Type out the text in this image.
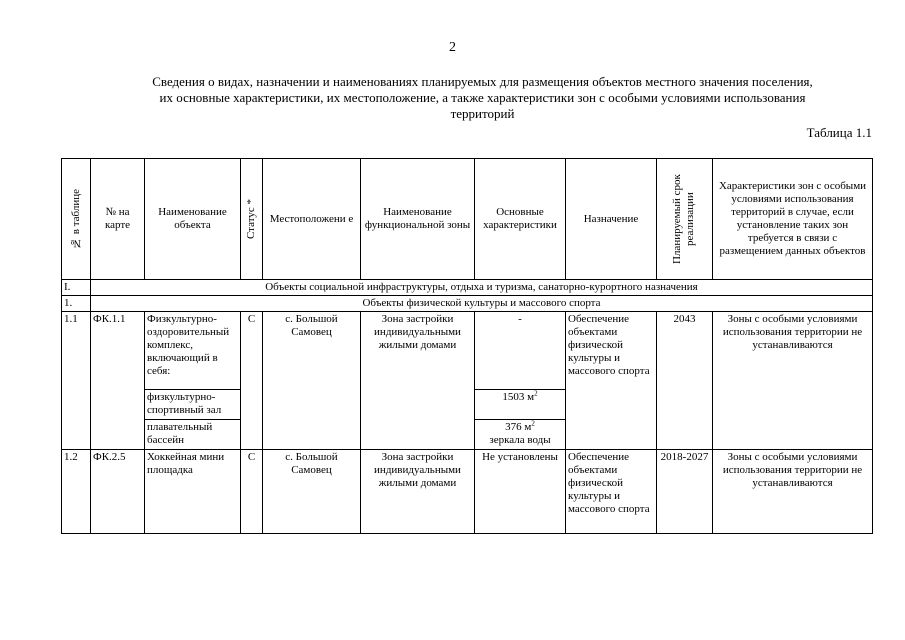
2
Сведения о видах, назначении и наименованиях планируемых для размещения объектов местного значения поселения,
их основные характеристики, их местоположение, а также характеристики зон с особыми условиями использования
территорий
Таблица 1.1
№ в таблице	№ на карте	Наименование объекта	Статус *	Местоположени е	Наименование функциональной зоны	Основные характеристики	Назначение	Планируемый срок реализации	Характеристики зон с особыми условиями использования территорий в случае, если установление таких зон требуется в связи с размещением данных объектов
I.	Объекты социальной инфраструктуры, отдыха и туризма, санаторно-курортного назначения								
1.	Объекты физической культуры и массового спорта								
1.1	ФК.1.1	Физкультурно-оздоровительный комплекс, включающий в себя:	С	с. Большой Самовец	Зона застройки индивидуальными жилыми домами	-	Обеспечение объектами физической культуры и массового спорта	2043	Зоны с особыми условиями использования территории не устанавливаются
		физкультурно-спортивный зал				1503 $м^2$
		плавательный бассейн				376 $м^2$
зеркала воды			

1.2	ФК.2.5	Хоккейная мини площадка	С	с. Большой Самовец	Зона застройки индивидуальными жилыми домами	Не установлены	Обеспечение объектами физической культуры и массового спорта	2018-2027	Зоны с особыми условиями использования территории не устанавливаются
